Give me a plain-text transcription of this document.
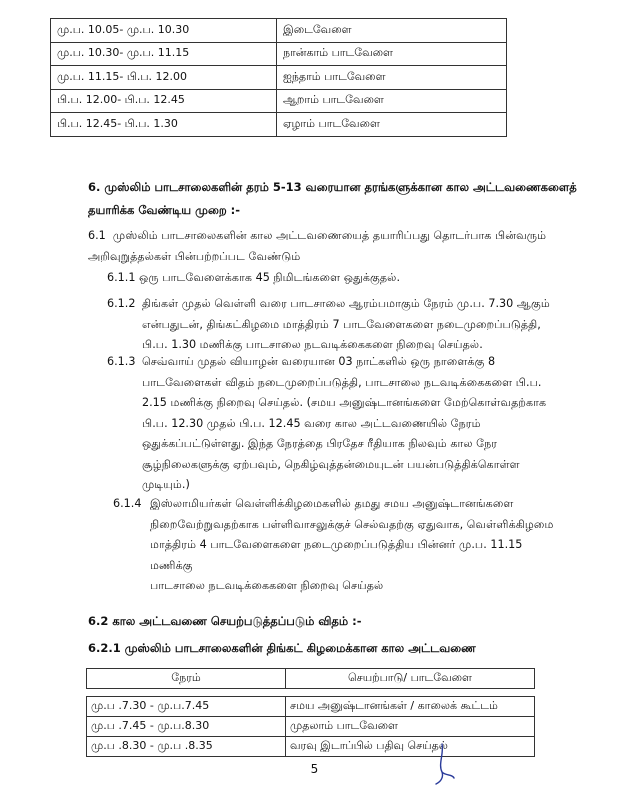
மு.ப. 10.05- மு.ப. 10.30	இடைவேளை
மு.ப. 10.30- மு.ப. 11.15	நான்காம் பாடவேளை
மு.ப. 11.15- பி.ப. 12.00	ஐந்தாம் பாடவேளை
பி.ப. 12.00- பி.ப. 12.45	ஆறாம் பாடவேளை
பி.ப. 12.45- பி.ப. 1.30	ஏழாம் பாடவேளை
6. முஸ்லிம் பாடசாலைகளின் தரம் 5-13 வரையான தரங்களுக்கான கால அட்டவணைகளைத்
தயாரிக்க வேண்டிய முறை :-
6.1 முஸ்லிம் பாடசாலைகளின் கால அட்டவணையைத் தயாரிப்பது தொடர்பாக பின்வரும்
அறிவுறுத்தல்கள் பின்பற்றப்பட வேண்டும்
6.1.1 ஒரு பாடவேளைக்காக 45 நிமிடங்களை ஒதுக்குதல்.
6.1.2 திங்கள் முதல் வெள்ளி வரை பாடசாலை ஆரம்பமாகும் நேரம் மு.ப. 7.30 ஆகும்
என்பதுடன், திங்கட்கிழமை மாத்திரம் 7 பாடவேளைகளை நடைமுறைப்படுத்தி,
பி.ப. 1.30 மணிக்கு பாடசாலை நடவடிக்கைகளை நிறைவு செய்தல்.
6.1.3 செவ்வாய் முதல் வியாழன் வரையான 03 நாட்களில் ஒரு நாளைக்கு 8
பாடவேளைகள் விதம் நடைமுறைப்படுத்தி, பாடசாலை நடவடிக்கைகளை பி.ப.
2.15 மணிக்கு நிறைவு செய்தல். (சமய அனுஷ்டானங்களை மேற்கொள்வதற்காக
பி.ப. 12.30 முதல் பி.ப. 12.45 வரை கால அட்டவணையில் நேரம்
ஒதுக்கப்பட்டுள்ளது. இந்த நேரத்தை பிரதேச ரீதியாக நிலவும் கால நேர
சூழ்நிலைகளுக்கு ஏற்பவும், நெகிழ்வுத்தன்மையுடன் பயன்படுத்திக்கொள்ள
முடியும்.)
6.1.4 இஸ்லாமியர்கள் வெள்ளிக்கிழமைகளில் தமது சமய அனுஷ்டானங்களை
நிறைவேற்றுவதற்காக பள்ளிவாசலுக்குச் செல்வதற்கு ஏதுவாக, வெள்ளிக்கிழமை
மாத்திரம் 4 பாடவேளைகளை நடைமுறைப்படுத்திய பின்னர் மு.ப. 11.15 மணிக்கு
பாடசாலை நடவடிக்கைகளை நிறைவு செய்தல்
6.2 கால அட்டவணை செயற்படுத்தப்படும் விதம் :-
6.2.1 முஸ்லிம் பாடசாலைகளின் திங்கட் கிழமைக்கான கால அட்டவணை
நேரம்	செயற்பாடு/ பாடவேளை

மு.ப .7.30 - மு.ப.7.45	சமய அனுஷ்டானங்கள் / காலைக் கூட்டம்
மு.ப .7.45 - மு.ப.8.30	முதலாம் பாடவேளை
மு.ப .8.30 - மு.ப .8.35	வரவு இடாப்பில் பதிவு செய்தல்
5
